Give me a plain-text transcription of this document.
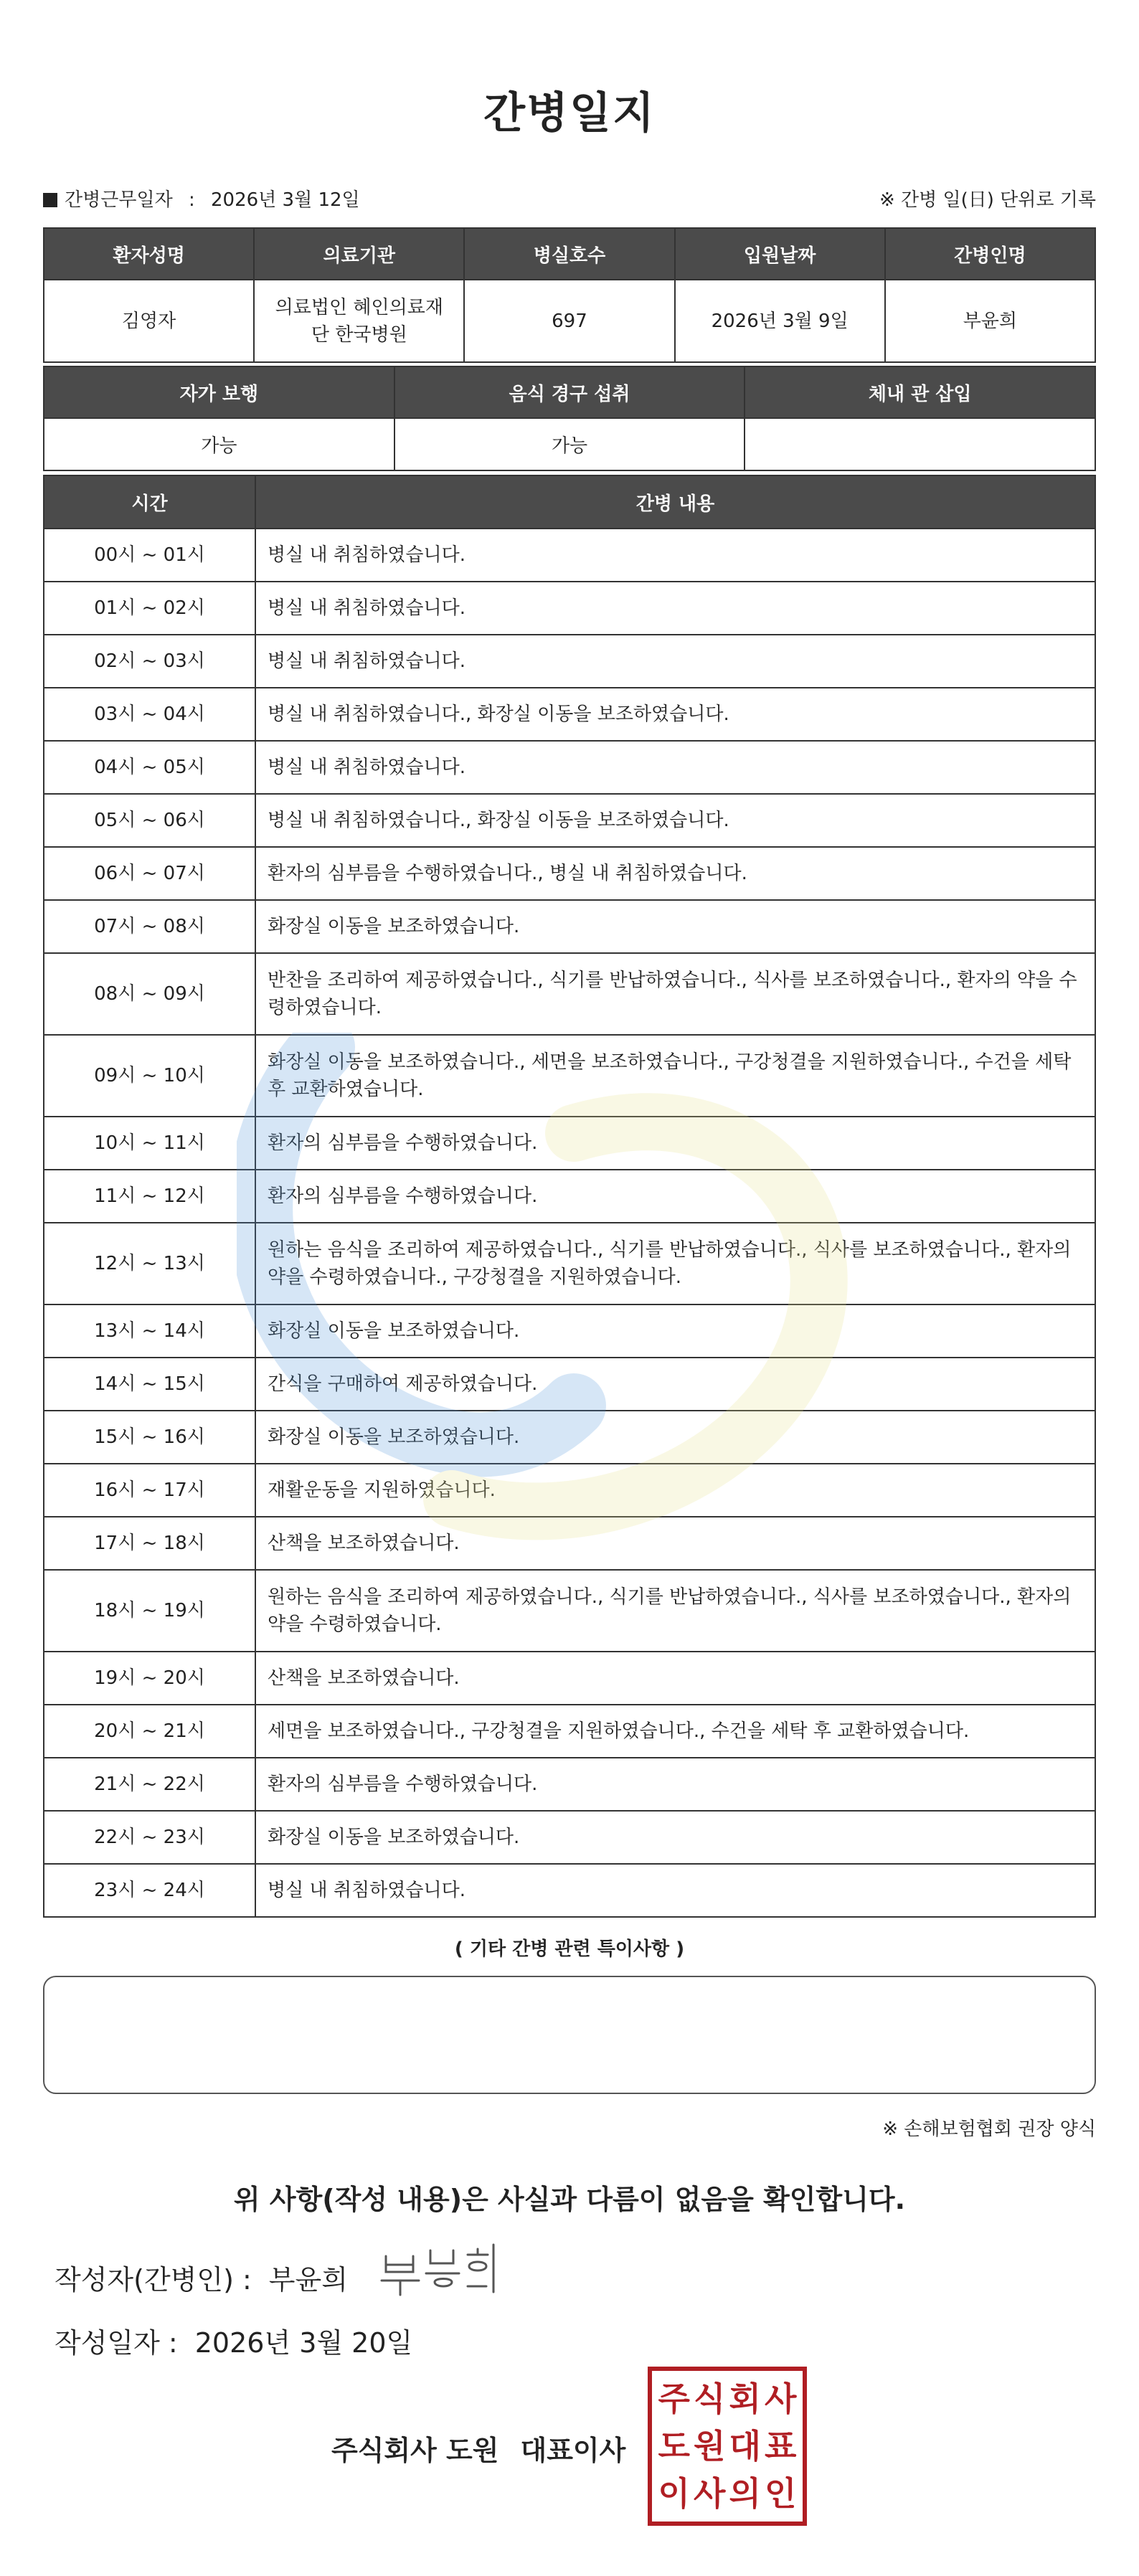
간병일지
간병근무일자 : 2026년 3월 12일	※ 간병 일(日) 단위로 기록
환자성명	의료기관	병실호수	입원날짜	간병인명
김영자	의료법인 혜인의료재단 한국병원	697	2026년 3월 9일	부윤희
자가 보행	음식 경구 섭취	체내 관 삽입
가능	가능	
시간	간병 내용
00시 ~ 01시	병실 내 취침하였습니다.
01시 ~ 02시	병실 내 취침하였습니다.
02시 ~ 03시	병실 내 취침하였습니다.
03시 ~ 04시	병실 내 취침하였습니다., 화장실 이동을 보조하였습니다.
04시 ~ 05시	병실 내 취침하였습니다.
05시 ~ 06시	병실 내 취침하였습니다., 화장실 이동을 보조하였습니다.
06시 ~ 07시	환자의 심부름을 수행하였습니다., 병실 내 취침하였습니다.
07시 ~ 08시	화장실 이동을 보조하였습니다.
08시 ~ 09시	반찬을 조리하여 제공하였습니다., 식기를 반납하였습니다., 식사를 보조하였습니다., 환자의 약을 수령하였습니다.
09시 ~ 10시	화장실 이동을 보조하였습니다., 세면을 보조하였습니다., 구강청결을 지원하였습니다., 수건을 세탁 후 교환하였습니다.
10시 ~ 11시	환자의 심부름을 수행하였습니다.
11시 ~ 12시	환자의 심부름을 수행하였습니다.
12시 ~ 13시	원하는 음식을 조리하여 제공하였습니다., 식기를 반납하였습니다., 식사를 보조하였습니다., 환자의 약을 수령하였습니다., 구강청결을 지원하였습니다.
13시 ~ 14시	화장실 이동을 보조하였습니다.
14시 ~ 15시	간식을 구매하여 제공하였습니다.
15시 ~ 16시	화장실 이동을 보조하였습니다.
16시 ~ 17시	재활운동을 지원하였습니다.
17시 ~ 18시	산책을 보조하였습니다.
18시 ~ 19시	원하는 음식을 조리하여 제공하였습니다., 식기를 반납하였습니다., 식사를 보조하였습니다., 환자의 약을 수령하였습니다.
19시 ~ 20시	산책을 보조하였습니다.
20시 ~ 21시	세면을 보조하였습니다., 구강청결을 지원하였습니다., 수건을 세탁 후 교환하였습니다.
21시 ~ 22시	환자의 심부름을 수행하였습니다.
22시 ~ 23시	화장실 이동을 보조하였습니다.
23시 ~ 24시	병실 내 취침하였습니다.
( 기타 간병 관련 특이사항 )
※ 손해보험협회 권장 양식
위 사항(작성 내용)은 사실과 다름이 없음을 확인합니다.
작성자(간병인) : 부윤희
작성일자 : 2026년 3월 20일
주식회사 도원 대표이사
주 식 회 사
도 원 대 표
이 사 의 인
